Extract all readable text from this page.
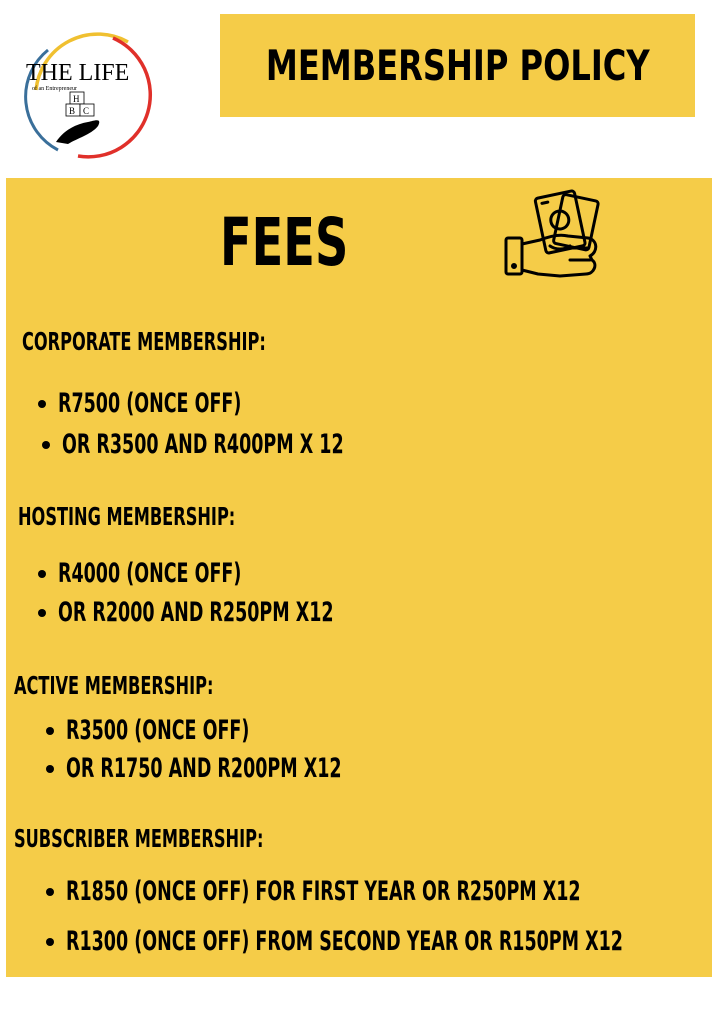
THE LIFE
of an Entrepreneur
H
B C
MEMBERSHIP POLICY
FEES
CORPORATE MEMBERSHIP:
R7500 (ONCE OFF)
OR R3500 AND R400PM X 12
HOSTING MEMBERSHIP:
R4000 (ONCE OFF)
OR R2000 AND R250PM X12
ACTIVE MEMBERSHIP:
R3500 (ONCE OFF)
OR R1750 AND R200PM X12
SUBSCRIBER MEMBERSHIP:
R1850 (ONCE OFF) FOR FIRST YEAR OR R250PM X12
R1300 (ONCE OFF) FROM SECOND YEAR OR R150PM X12
